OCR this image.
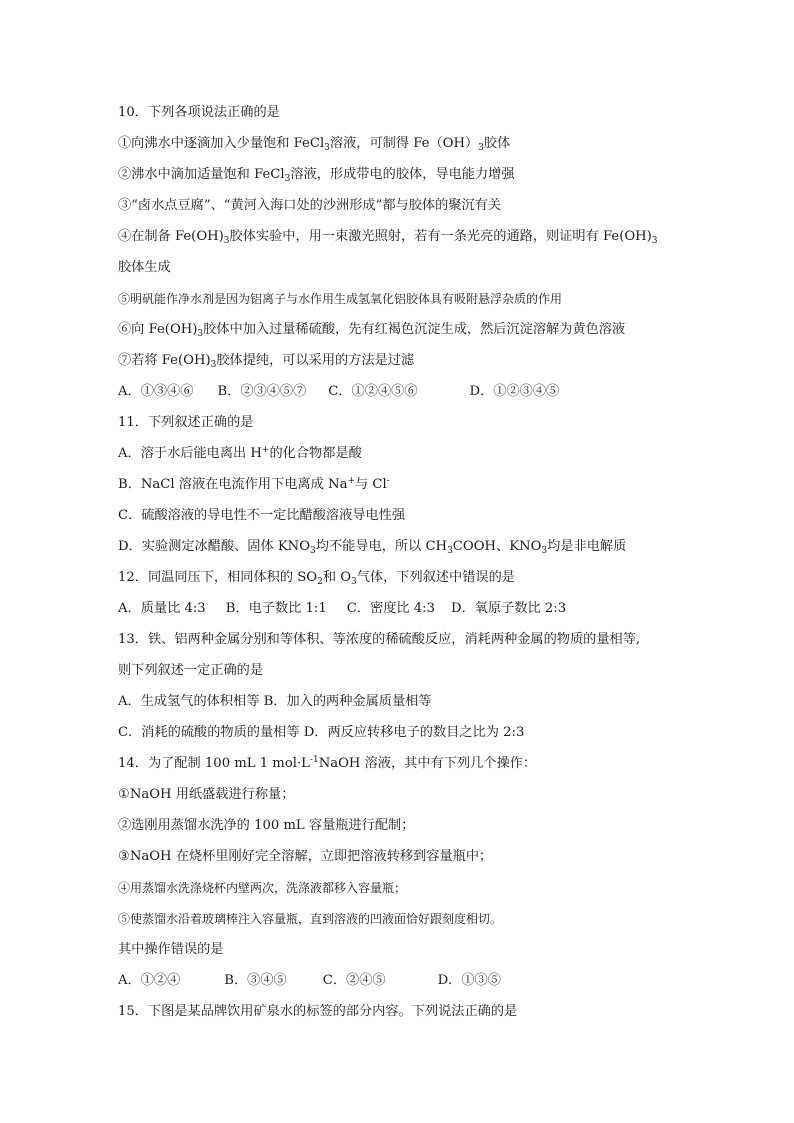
10．下列各项说法正确的是
①向沸水中逐滴加入少量饱和 FeCl$_3$溶液，可制得 $Fe(OH)_3$胶体
②沸水中滴加适量饱和 FeCl$_3$溶液，形成带电的胶体，导电能力增强
③“卤水点豆腐”、“黄河入海口处的沙洲形成”都与胶体的聚沉有关
④在制备 $Fe(OH)_3$胶体实验中，用一束激光照射，若有一条光亮的通路，则证明有 $Fe(OH)_3$
胶体生成
⑤明矾能作净水剂是因为铝离子与水作用生成氢氧化铝胶体具有吸附悬浮杂质的作用
⑥向 $Fe(OH)_3$胶体中加入过量稀硫酸，先有红褐色沉淀生成，然后沉淀溶解为黄色溶液
⑦若将 $Fe(OH)_3$胶体提纯，可以采用的方法是过滤
A．①③④⑥ B．②③④⑤⑦ C．①②④⑤⑥	D．①②③④⑤
11．下列叙述正确的是
A．溶于水后能电离出 H+的化合物都是酸
B．NaCl 溶液在电流作用下电离成 Na+与 Cl-
C．硫酸溶液的导电性不一定比醋酸溶液导电性强
D．实验测定冰醋酸、固体 $KNO_3$均不能导电，所以 $CH_3COOH$、$KNO_3$均是非电解质
12．同温同压下，相同体积的 $SO_2$和 $O_3$气体，下列叙述中错误的是
A．质量比 4:3 B．电子数比 1:1 C．密度比 4:3 D．氧原子数比 2:3
13．铁、铝两种金属分别和等体积、等浓度的稀硫酸反应，消耗两种金属的物质的量相等,
则下列叙述一定正确的是
A．生成氢气的体积相等 B．加入的两种金属质量相等
C．消耗的硫酸的物质的量相等 D．两反应转移电子的数目之比为 2:3
14．为了配制 100 mL 1 $mol\cdot L^{-1}NaOH$ 溶液，其中有下列几个操作：
①NaOH 用纸盛载进行称量；
②选刚用蒸馏水洗净的 100 mL 容量瓶进行配制；
③NaOH 在烧杯里刚好完全溶解，立即把溶液转移到容量瓶中；
④用蒸馏水洗涤烧杯内壁两次，洗涤液都移入容量瓶；
⑤使蒸馏水沿着玻璃棒注入容量瓶，直到溶液的凹液面恰好跟刻度相切。
其中操作错误的是
A．①②④	B．③④⑤	C．②④⑤	D．①③⑤
15．下图是某品牌饮用矿泉水的标签的部分内容。下列说法正确的是
